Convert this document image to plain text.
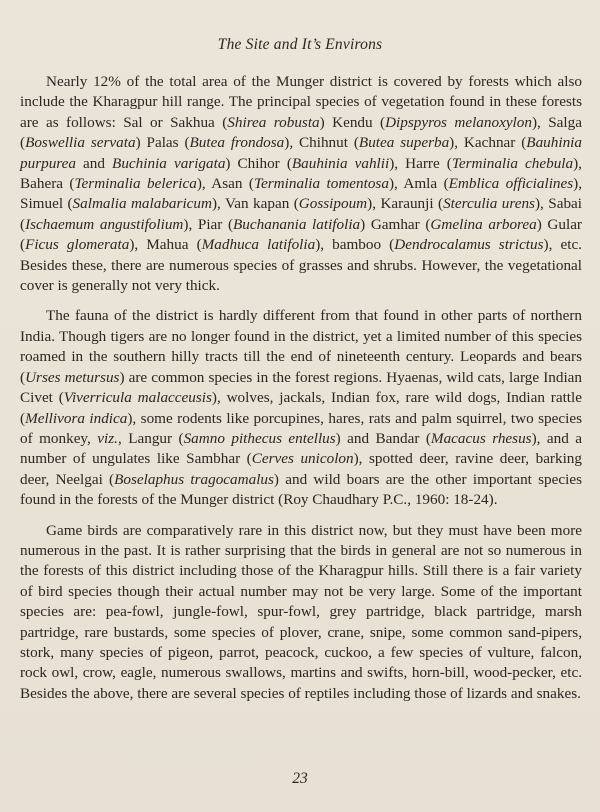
The Site and It’s Environs

Nearly 12% of the total area of the Munger district is covered by forests which also include the Kharagpur hill range. The principal species of vegetation found in these forests are as follows: Sal or Sakhua (Shirea robusta) Kendu (Dipspyros melanoxylon), Salga (Boswellia servata) Palas (Butea frondosa), Chihnut (Butea superba), Kachnar (Bauhinia purpurea and Buchinia varigata) Chihor (Bauhinia vahlii), Harre (Terminalia chebula), Bahera (Terminalia belerica), Asan (Terminalia tomentosa), Amla (Emblica officialines), Simuel (Salmalia malabaricum), Van kapan (Gossipoum), Karaunji (Sterculia urens), Sabai (Ischaemum angustifolium), Piar (Buchanania latifolia) Gamhar (Gmelina arborea) Gular (Ficus glomerata), Mahua (Madhuca latifolia), bamboo (Dendrocalamus strictus), etc. Besides these, there are numerous species of grasses and shrubs. However, the vegetational cover is generally not very thick.

The fauna of the district is hardly different from that found in other parts of northern India. Though tigers are no longer found in the district, yet a limited number of this species roamed in the southern hilly tracts till the end of nineteenth century. Leopards and bears (Urses metursus) are common species in the forest regions. Hyaenas, wild cats, large Indian Civet (Viverricula malacceusis), wolves, jackals, Indian fox, rare wild dogs, Indian rattle (Mellivora indica), some rodents like porcupines, hares, rats and palm squirrel, two species of monkey, viz., Langur (Samno pithecus entellus) and Bandar (Macacus rhesus), and a number of ungulates like Sambhar (Cerves unicolon), spotted deer, ravine deer, barking deer, Neelgai (Boselaphus tragocamalus) and wild boars are the other important species found in the forests of the Munger district (Roy Chaudhary P.C., 1960: 18-24).

Game birds are comparatively rare in this district now, but they must have been more numerous in the past. It is rather surprising that the birds in general are not so numerous in the forests of this district including those of the Kharagpur hills. Still there is a fair variety of bird species though their actual number may not be very large. Some of the important species are: pea-fowl, jungle-fowl, spur-fowl, grey partridge, black partridge, marsh partridge, rare bustards, some species of plover, crane, snipe, some common sand-pipers, stork, many species of pigeon, parrot, peacock, cuckoo, a few species of vulture, falcon, rock owl, crow, eagle, numerous swallows, martins and swifts, horn-bill, wood-pecker, etc. Besides the above, there are several species of reptiles including those of lizards and snakes.

23
